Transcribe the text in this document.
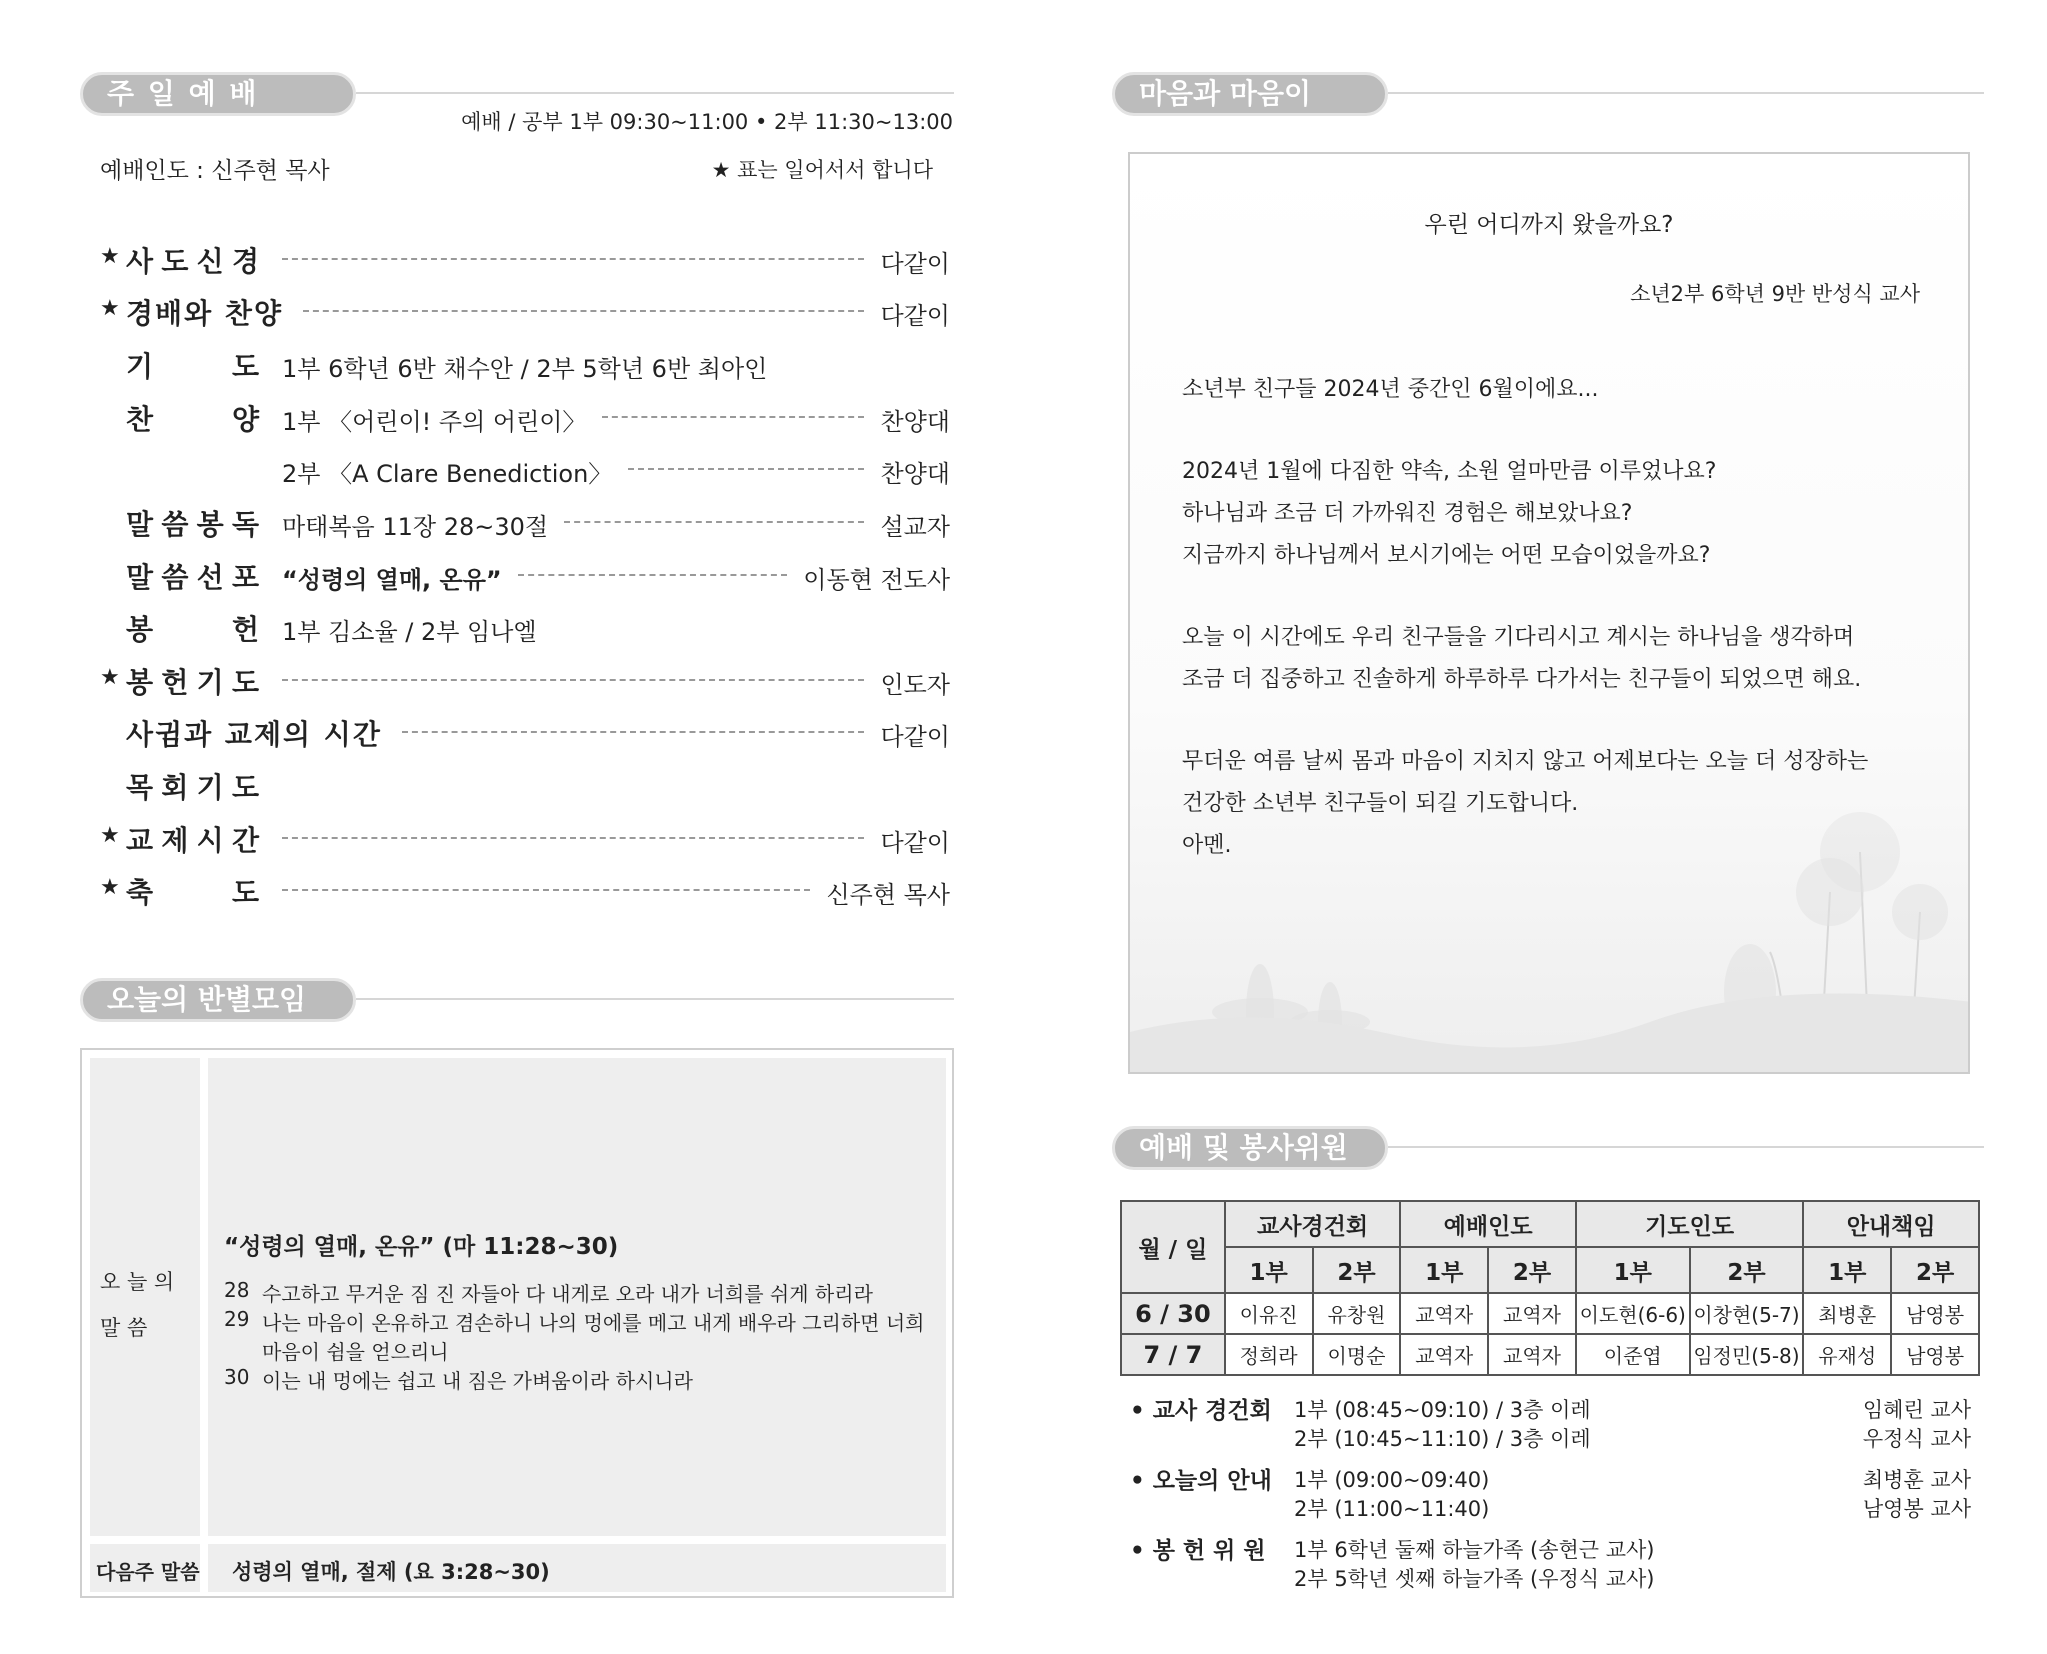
주 일 예 배
예배 / 공부 1부 09:30~11:00 • 2부 11:30~13:00
예배인도 : 신주현 목사	★ 표는 일어서서 합니다
★ 사 도 신 경	다같이
★ 경배와 찬양	다같이
기	도 1부 6학년 6반 채수안 / 2부 5학년 6반 최아인
찬	양 1부 〈어린이! 주의 어린이〉	찬양대
2부 〈A Clare Benediction〉	찬양대
말 씀 봉 독 마태복음 11장 28~30절	설교자
말 씀 선 포 “성령의 열매, 온유”	이동현 전도사
봉	헌 1부 김소율 / 2부 임나엘
★ 봉 헌 기 도	인도자
사귐과 교제의 시간	다같이
목 회 기 도
★ 교 제 시 간	다같이
★ 축	도	신주현 목사
오늘의 반별모임
오 늘 의
말 씀
“성령의 열매, 온유” (마 11:28~30)
28 수고하고 무거운 짐 진 자들아 다 내게로 오라 내가 너희를 쉬게 하리라
29 나는 마음이 온유하고 겸손하니 나의 멍에를 메고 내게 배우라 그리하면 너희
마음이 쉼을 얻으리니
30 이는 내 멍에는 쉽고 내 짐은 가벼움이라 하시니라
다음주 말씀 성령의 열매, 절제 (요 3:28~30)
마음과 마음이
우린 어디까지 왔을까요?
소년2부 6학년 9반 반성식 교사
소년부 친구들 2024년 중간인 6월이에요...
2024년 1월에 다짐한 약속, 소원 얼마만큼 이루었나요?
하나님과 조금 더 가까워진 경험은 해보았나요?
지금까지 하나님께서 보시기에는 어떤 모습이었을까요?
오늘 이 시간에도 우리 친구들을 기다리시고 계시는 하나님을 생각하며
조금 더 집중하고 진솔하게 하루하루 다가서는 친구들이 되었으면 해요.
무더운 여름 날씨 몸과 마음이 지치지 않고 어제보다는 오늘 더 성장하는
건강한 소년부 친구들이 되길 기도합니다.
아멘.
예배 및 봉사위원
월 / 일	교사경건회		예배인도		기도인도		안내책임	
	1부	2부	1부	2부	1부	2부	1부	2부
6 / 30	이유진	유창원	교역자	교역자	이도현(6-6)	이창현(5-7)	최병훈	남영봉
7 / 7	정희라	이명순	교역자	교역자	이준엽	임정민(5-8)	유재성	남영봉
• 교사 경건회 1부 (08:45~09:10) / 3층 이레
2부 (10:45~11:10) / 3층 이레
임혜린 교사
우정식 교사
• 오늘의 안내 1부 (09:00~09:40)
2부 (11:00~11:40)
최병훈 교사
남영봉 교사
• 봉 헌 위 원 1부 6학년 둘째 하늘가족 (송현근 교사)
2부 5학년 셋째 하늘가족 (우정식 교사)
